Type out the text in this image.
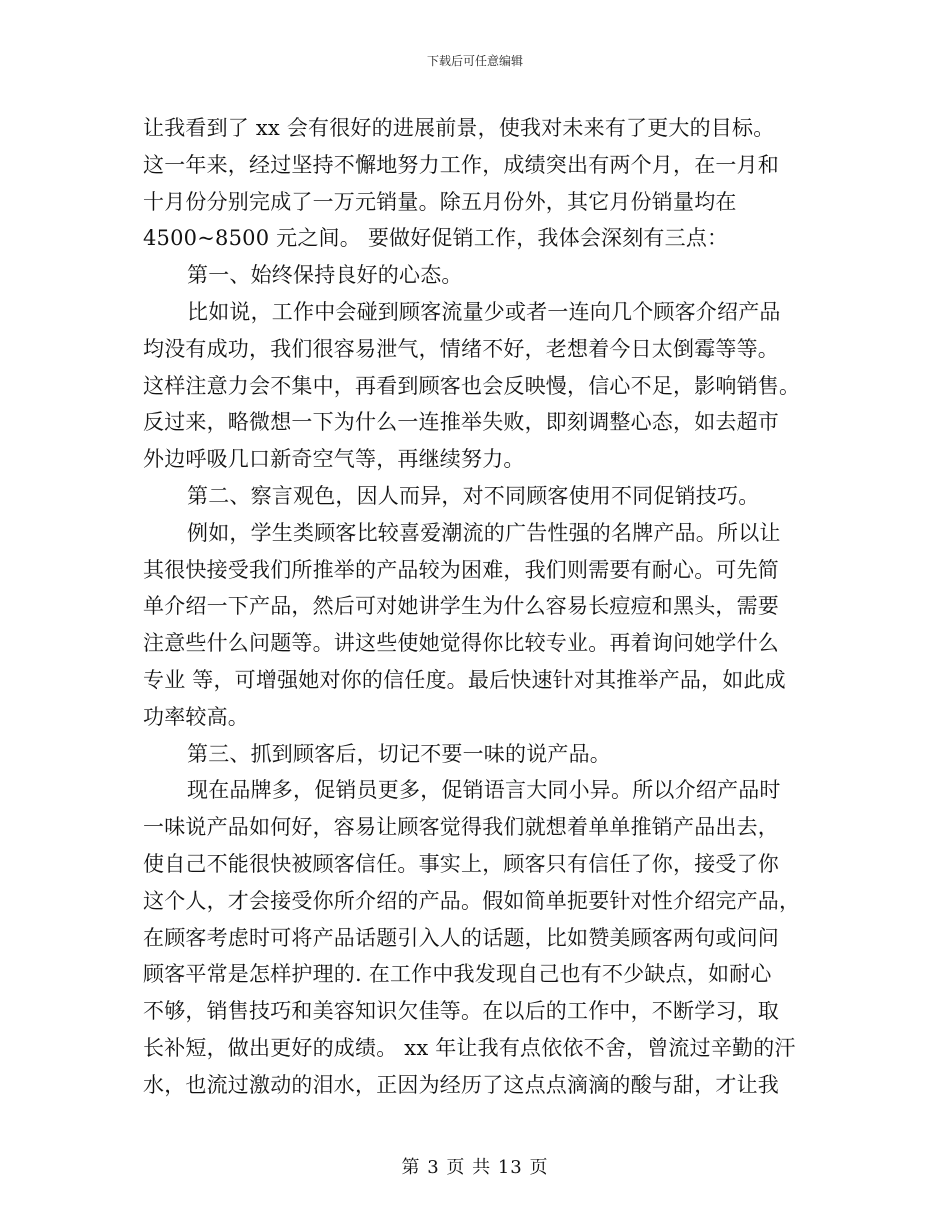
下载后可任意编辑
让我看到了 xx 会有很好的进展前景，使我对未来有了更大的目标。
这一年来，经过坚持不懈地努力工作，成绩突出有两个月，在一月和
十月份分别完成了一万元销量。除五月份外，其它月份销量均在
4500~8500 元之间。 要做好促销工作，我体会深刻有三点：
第一、始终保持良好的心态。
比如说，工作中会碰到顾客流量少或者一连向几个顾客介绍产品
均没有成功，我们很容易泄气，情绪不好，老想着今日太倒霉等等。
这样注意力会不集中，再看到顾客也会反映慢，信心不足，影响销售。
反过来，略微想一下为什么一连推举失败，即刻调整心态，如去超市
外边呼吸几口新奇空气等，再继续努力。
第二、察言观色，因人而异，对不同顾客使用不同促销技巧。
例如，学生类顾客比较喜爱潮流的广告性强的名牌产品。所以让
其很快接受我们所推举的产品较为困难，我们则需要有耐心。可先简
单介绍一下产品，然后可对她讲学生为什么容易长痘痘和黑头，需要
注意些什么问题等。讲这些使她觉得你比较专业。再着询问她学什么
专业 等，可增强她对你的信任度。最后快速针对其推举产品，如此成
功率较高。
第三、抓到顾客后，切记不要一味的说产品。
现在品牌多，促销员更多，促销语言大同小异。所以介绍产品时
一味说产品如何好，容易让顾客觉得我们就想着单单推销产品出去，
使自己不能很快被顾客信任。事实上，顾客只有信任了你，接受了你
这个人，才会接受你所介绍的产品。假如简单扼要针对性介绍完产品，
在顾客考虑时可将产品话题引入人的话题，比如赞美顾客两句或问问
顾客平常是怎样护理的. 在工作中我发现自己也有不少缺点，如耐心
不够，销售技巧和美容知识欠佳等。在以后的工作中，不断学习，取
长补短，做出更好的成绩。 xx 年让我有点依依不舍，曾流过辛勤的汗
水，也流过激动的泪水，正因为经历了这点点滴滴的酸与甜，才让我
第 3 页 共 13 页
